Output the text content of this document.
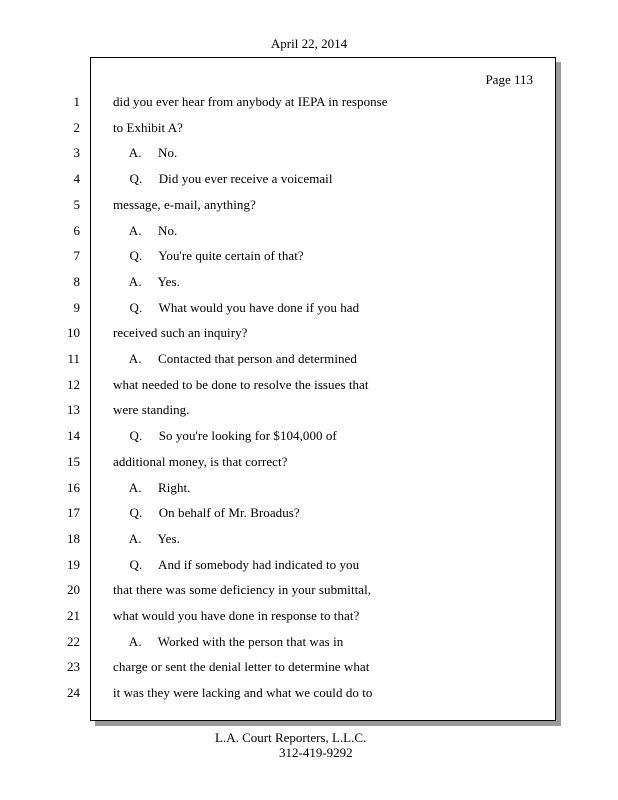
April 22, 2014
Page 113
1	did you ever hear from anybody at IEPA in response
2	to Exhibit A?
3	A.     No.
4	Q.     Did you ever receive a voicemail
5	message, e-mail, anything?
6	A.     No.
7	Q.     You're quite certain of that?
8	A.     Yes.
9	Q.     What would you have done if you had
10	received such an inquiry?
11	A.     Contacted that person and determined
12	what needed to be done to resolve the issues that
13	were standing.
14	Q.     So you're looking for $104,000 of
15	additional money, is that correct?
16	A.     Right.
17	Q.     On behalf of Mr. Broadus?
18	A.     Yes.
19	Q.     And if somebody had indicated to you
20	that there was some deficiency in your submittal,
21	what would you have done in response to that?
22	A.     Worked with the person that was in
23	charge or sent the denial letter to determine what
24	it was they were lacking and what we could do to
L.A. Court Reporters, L.L.C.
312-419-9292
